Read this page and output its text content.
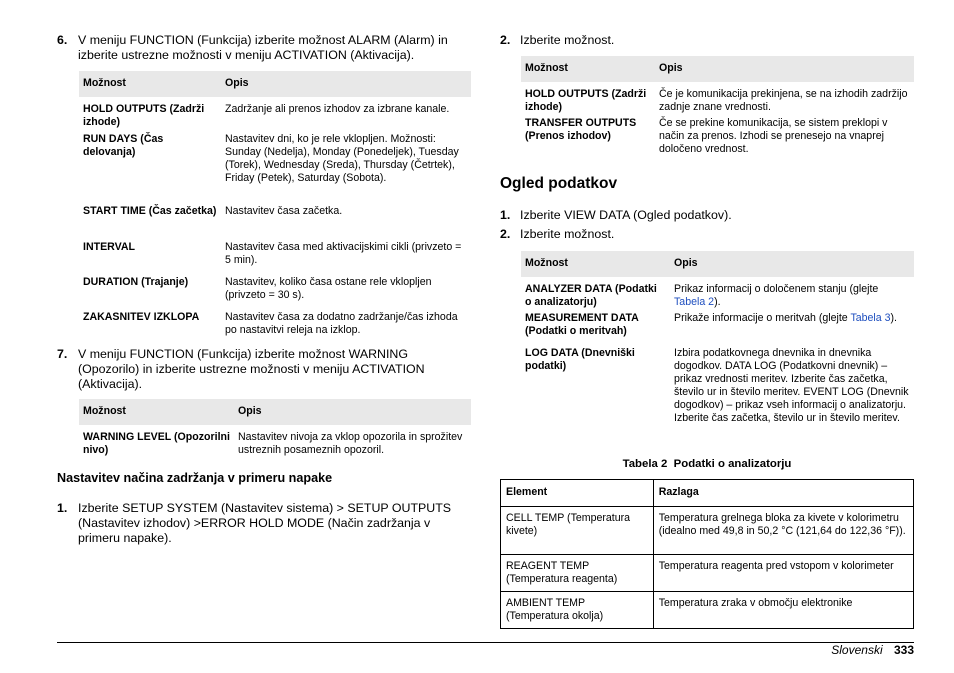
6. V meniju FUNCTION (Funkcija) izberite možnost ALARM (Alarm) in izberite ustrezne možnosti v meniju ACTIVATION (Aktivacija).
Možnost	Opis
HOLD OUTPUTS (Zadrži izhode)	Zadržanje ali prenos izhodov za izbrane kanale.
RUN DAYS (Čas delovanja)	Nastavitev dni, ko je rele vklopljen. Možnosti: Sunday (Nedelja), Monday (Ponedeljek), Tuesday (Torek), Wednesday (Sreda), Thursday (Četrtek), Friday (Petek), Saturday (Sobota).
START TIME (Čas začetka)	Nastavitev časa začetka.
INTERVAL	Nastavitev časa med aktivacijskimi cikli (privzeto = 5 min).
DURATION (Trajanje)	Nastavitev, koliko časa ostane rele vklopljen (privzeto = 30 s).
ZAKASNITEV IZKLOPA	Nastavitev časa za dodatno zadržanje/čas izhoda po nastavitvi releja na izklop.
7. V meniju FUNCTION (Funkcija) izberite možnost WARNING (Opozorilo) in izberite ustrezne možnosti v meniju ACTIVATION (Aktivacija).
Možnost	Opis
WARNING LEVEL (Opozorilni nivo)	Nastavitev nivoja za vklop opozorila in sprožitev ustreznih posameznih opozoril.
Nastavitev načina zadržanja v primeru napake
1. Izberite SETUP SYSTEM (Nastavitev sistema) > SETUP OUTPUTS (Nastavitev izhodov) >ERROR HOLD MODE (Način zadržanja v primeru napake).
2. Izberite možnost.
Možnost	Opis
HOLD OUTPUTS (Zadrži izhode)	Če je komunikacija prekinjena, se na izhodih zadržijo zadnje znane vrednosti.
TRANSFER OUTPUTS (Prenos izhodov)	Če se prekine komunikacija, se sistem preklopi v način za prenos. Izhodi se prenesejo na vnaprej določeno vrednost.
Ogled podatkov
1. Izberite VIEW DATA (Ogled podatkov).
2. Izberite možnost.
Možnost	Opis
ANALYZER DATA (Podatki o analizatorju)	Prikaz informacij o določenem stanju (glejte Tabela 2).
MEASUREMENT DATA (Podatki o meritvah)	Prikaže informacije o meritvah (glejte Tabela 3).
LOG DATA (Dnevniški podatki)	Izbira podatkovnega dnevnika in dnevnika dogodkov. DATA LOG (Podatkovni dnevnik) – prikaz vrednosti meritev. Izberite čas začetka, število ur in število meritev. EVENT LOG (Dnevnik dogodkov) – prikaz vseh informacij o analizatorju. Izberite čas začetka, število ur in število meritev.
Tabela 2  Podatki o analizatorju
Element	Razlaga
CELL TEMP (Temperatura kivete)	Temperatura grelnega bloka za kivete v kolorimetru (idealno med 49,8 in 50,2 °C (121,64 do 122,36 °F)).
REAGENT TEMP (Temperatura reagenta)	Temperatura reagenta pred vstopom v kolorimeter
AMBIENT TEMP (Temperatura okolja)	Temperatura zraka v območju elektronike
Slovenski 333
